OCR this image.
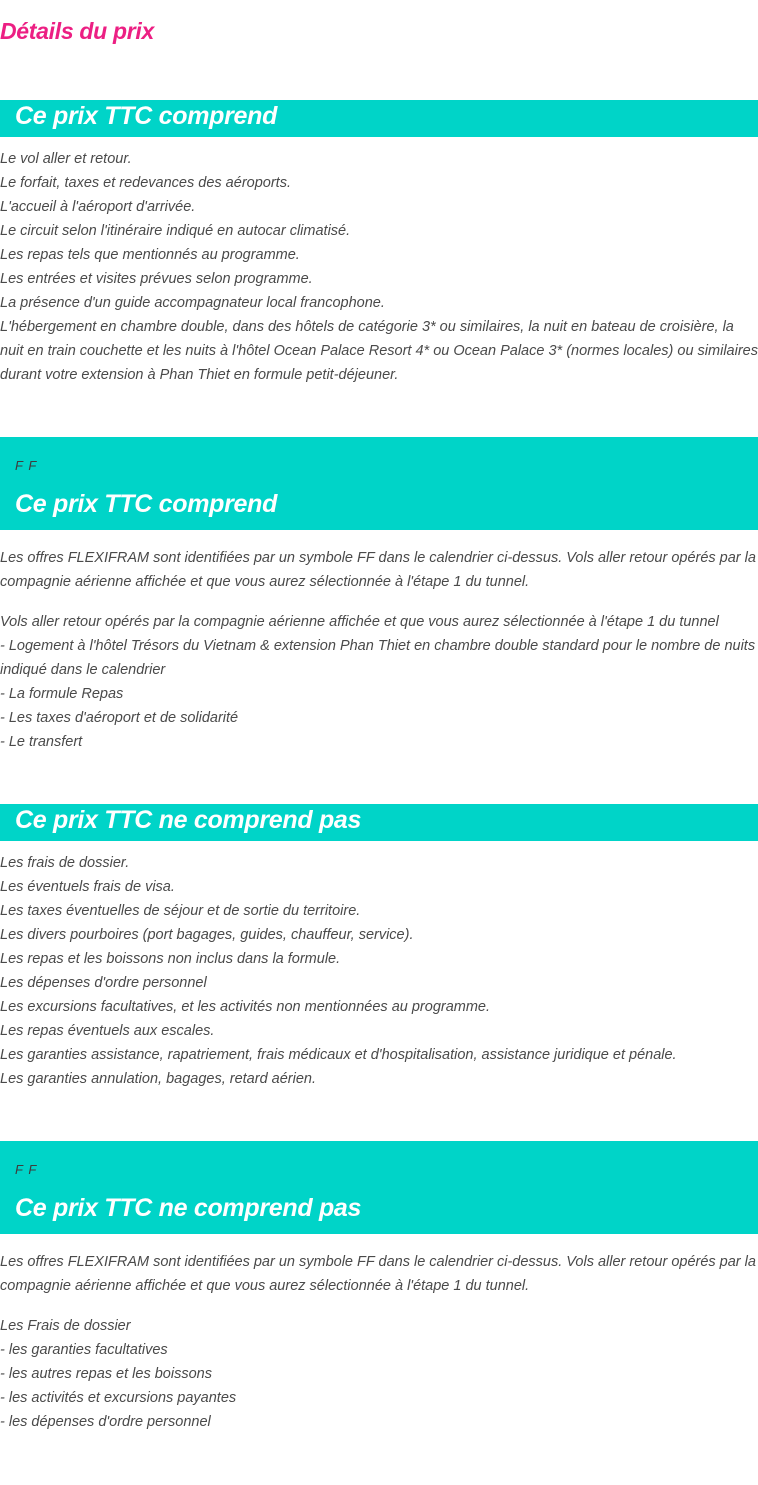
Détails du prix
Ce prix TTC comprend
Le vol aller et retour.
Le forfait, taxes et redevances des aéroports.
L'accueil à l'aéroport d'arrivée.
Le circuit selon l'itinéraire indiqué en autocar climatisé.
Les repas tels que mentionnés au programme.
Les entrées et visites prévues selon programme.
La présence d'un guide accompagnateur local francophone.
L'hébergement en chambre double, dans des hôtels de catégorie 3* ou similaires, la nuit en bateau de croisière, la nuit en train couchette et les nuits à l'hôtel Ocean Palace Resort 4* ou Ocean Palace 3* (normes locales) ou similaires durant votre extension à Phan Thiet en formule petit-déjeuner.
F F
Ce prix TTC comprend
Les offres FLEXIFRAM sont identifiées par un symbole FF dans le calendrier ci-dessus. Vols aller retour opérés par la compagnie aérienne affichée et que vous aurez sélectionnée à l'étape 1 du tunnel.
Vols aller retour opérés par la compagnie aérienne affichée et que vous aurez sélectionnée à l'étape 1 du tunnel
- Logement à l'hôtel Trésors du Vietnam & extension Phan Thiet en chambre double standard pour le nombre de nuits indiqué dans le calendrier
- La formule Repas
- Les taxes d'aéroport et de solidarité
- Le transfert
Ce prix TTC ne comprend pas
Les frais de dossier.
Les éventuels frais de visa.
Les taxes éventuelles de séjour et de sortie du territoire.
Les divers pourboires (port bagages, guides, chauffeur, service).
Les repas et les boissons non inclus dans la formule.
Les dépenses d'ordre personnel
Les excursions facultatives, et les activités non mentionnées au programme.
Les repas éventuels aux escales.
Les garanties assistance, rapatriement, frais médicaux et d'hospitalisation, assistance juridique et pénale.
Les garanties annulation, bagages, retard aérien.
F F
Ce prix TTC ne comprend pas
Les offres FLEXIFRAM sont identifiées par un symbole FF dans le calendrier ci-dessus. Vols aller retour opérés par la compagnie aérienne affichée et que vous aurez sélectionnée à l'étape 1 du tunnel.
Les Frais de dossier
- les garanties facultatives
- les autres repas et les boissons
- les activités et excursions payantes
- les dépenses d'ordre personnel
